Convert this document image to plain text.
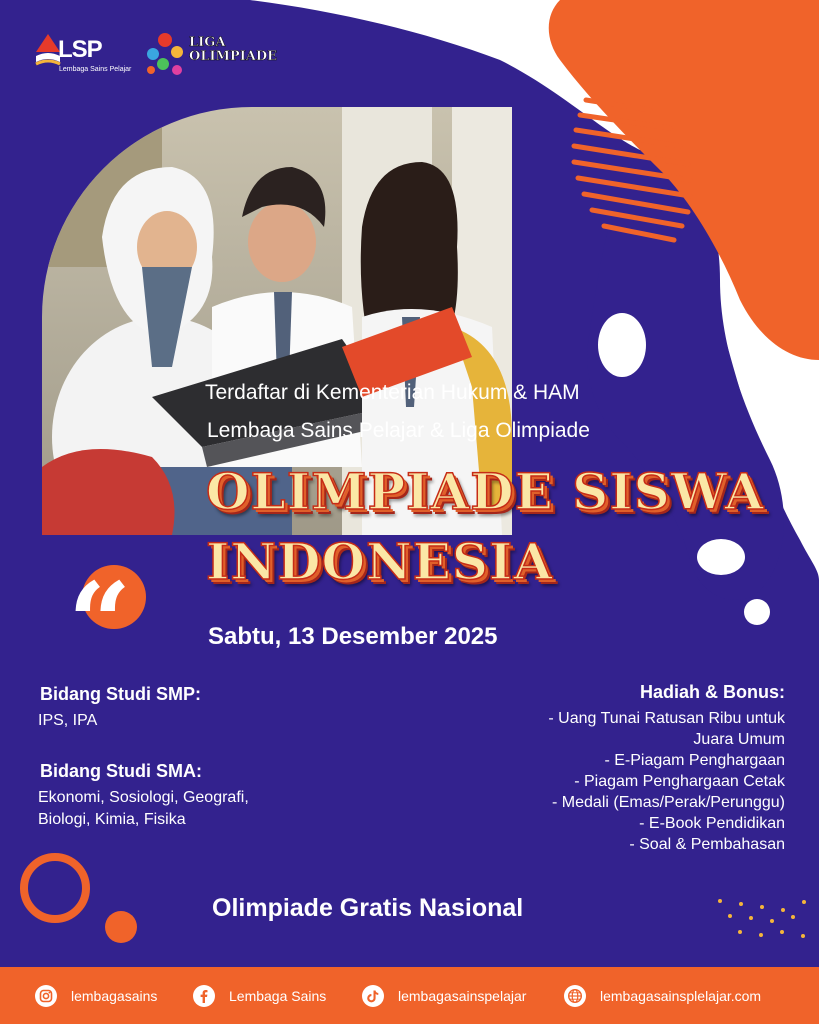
LSP
Lembaga Sains Pelajar
LIGA
OLIMPIADE
Terdaftar di Kementerian Hukum & HAM
Lembaga Sains Pelajar & Liga Olimpiade
OLIMPIADE SISWA
INDONESIA
“	Sabtu, 13 Desember 2025
Bidang Studi SMP:
IPS, IPA
Bidang Studi SMA:
Ekonomi, Sosiologi, Geografi,
Biologi, Kimia, Fisika
Hadiah & Bonus:
- Uang Tunai Ratusan Ribu untuk
Juara Umum
- E-Piagam Penghargaan
- Piagam Penghargaan Cetak
- Medali (Emas/Perak/Perunggu)
- E-Book Pendidikan
- Soal & Pembahasan
Olimpiade Gratis Nasional
lembagasains	Lembaga Sains	lembagasainspelajar	lembagasainsplelajar.com
